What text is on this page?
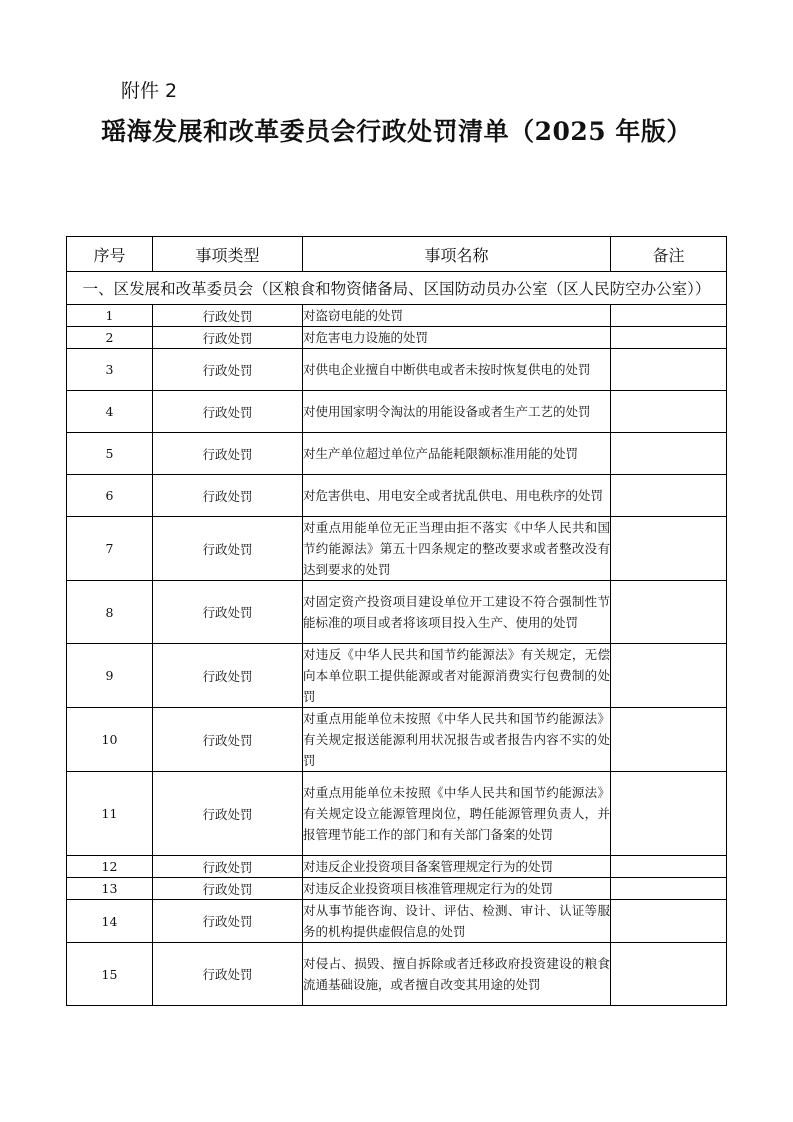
附件 2
瑶海发展和改革委员会行政处罚清单（2025 年版）
序号	事项类型	事项名称	备注
一、区发展和改革委员会（区粮食和物资储备局、区国防动员办公室（区人民防空办公室））			
1	行政处罚	对盗窃电能的处罚	
2	行政处罚	对危害电力设施的处罚	
3	行政处罚	对供电企业擅自中断供电或者未按时恢复供电的处罚	
4	行政处罚	对使用国家明令淘汰的用能设备或者生产工艺的处罚	
5	行政处罚	对生产单位超过单位产品能耗限额标准用能的处罚	
6	行政处罚	对危害供电、用电安全或者扰乱供电、用电秩序的处罚	
7	行政处罚	对重点用能单位无正当理由拒不落实《中华人民共和国节约能源法》第五十四条规定的整改要求或者整改没有达到要求的处罚	
8	行政处罚	对固定资产投资项目建设单位开工建设不符合强制性节能标准的项目或者将该项目投入生产、使用的处罚	
9	行政处罚	对违反《中华人民共和国节约能源法》有关规定，无偿向本单位职工提供能源或者对能源消费实行包费制的处罚	
10	行政处罚	对重点用能单位未按照《中华人民共和国节约能源法》有关规定报送能源利用状况报告或者报告内容不实的处罚	
11	行政处罚	对重点用能单位未按照《中华人民共和国节约能源法》有关规定设立能源管理岗位，聘任能源管理负责人，并报管理节能工作的部门和有关部门备案的处罚	
12	行政处罚	对违反企业投资项目备案管理规定行为的处罚	
13	行政处罚	对违反企业投资项目核准管理规定行为的处罚	
14	行政处罚	对从事节能咨询、设计、评估、检测、审计、认证等服务的机构提供虚假信息的处罚	
15	行政处罚	对侵占、损毁、擅自拆除或者迁移政府投资建设的粮食流通基础设施，或者擅自改变其用途的处罚	
